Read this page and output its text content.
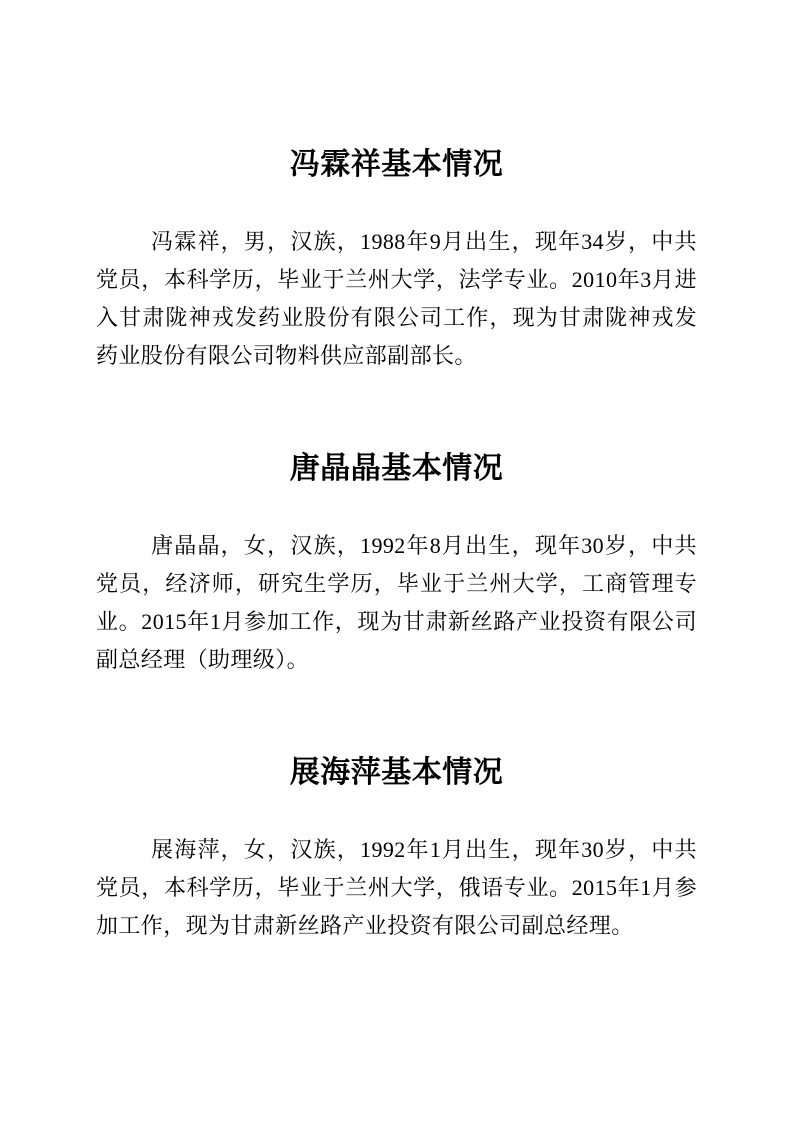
冯霖祥基本情况

冯霖祥，男，汉族，1988年9月出生，现年34岁，中共党员，本科学历，毕业于兰州大学，法学专业。2010年3月进入甘肃陇神戎发药业股份有限公司工作，现为甘肃陇神戎发药业股份有限公司物料供应部副部长。

唐晶晶基本情况

唐晶晶，女，汉族，1992年8月出生，现年30岁，中共党员，经济师，研究生学历，毕业于兰州大学，工商管理专业。2015年1月参加工作，现为甘肃新丝路产业投资有限公司副总经理（助理级）。

展海萍基本情况

展海萍，女，汉族，1992年1月出生，现年30岁，中共党员，本科学历，毕业于兰州大学，俄语专业。2015年1月参加工作，现为甘肃新丝路产业投资有限公司副总经理。
